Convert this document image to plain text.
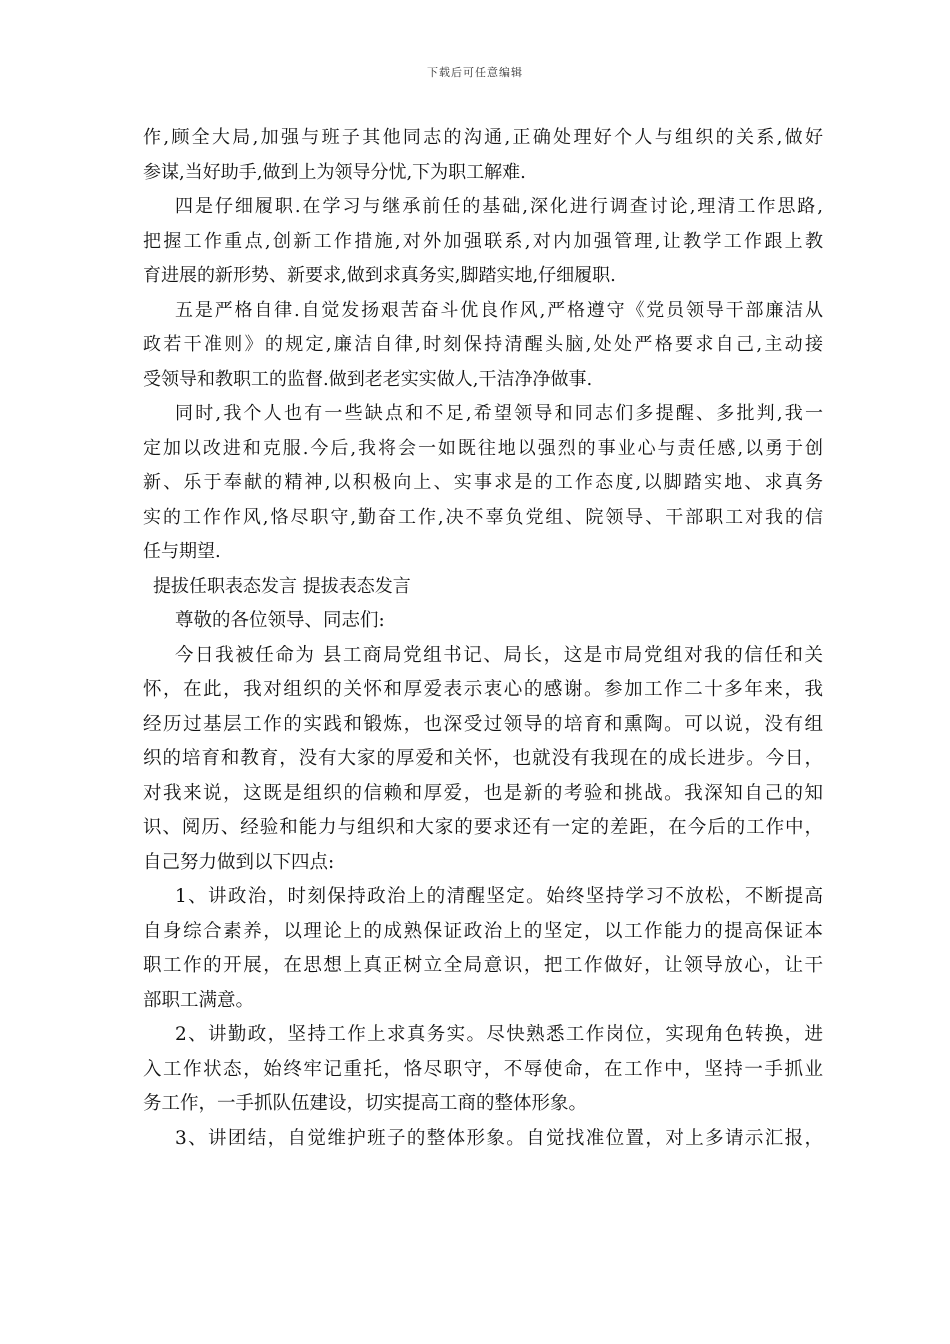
下载后可任意编辑
作,顾全大局,加强与班子其他同志的沟通,正确处理好个人与组织的关系,做好
参谋,当好助手,做到上为领导分忧,下为职工解难.
四是仔细履职.在学习与继承前任的基础,深化进行调查讨论,理清工作思路,
把握工作重点,创新工作措施,对外加强联系,对内加强管理,让教学工作跟上教
育进展的新形势、新要求,做到求真务实,脚踏实地,仔细履职.
五是严格自律.自觉发扬艰苦奋斗优良作风,严格遵守《党员领导干部廉洁从
政若干准则》的规定,廉洁自律,时刻保持清醒头脑,处处严格要求自己,主动接
受领导和教职工的监督.做到老老实实做人,干洁净净做事.
同时,我个人也有一些缺点和不足,希望领导和同志们多提醒、多批判,我一
定加以改进和克服.今后,我将会一如既往地以强烈的事业心与责任感,以勇于创
新、乐于奉献的精神,以积极向上、实事求是的工作态度,以脚踏实地、求真务
实的工作作风,恪尽职守,勤奋工作,决不辜负党组、院领导、干部职工对我的信
任与期望.
提拔任职表态发言 提拔表态发言
尊敬的各位领导、同志们:
今日我被任命为 县工商局党组书记、局长，这是市局党组对我的信任和关
怀，在此，我对组织的关怀和厚爱表示衷心的感谢。参加工作二十多年来，我
经历过基层工作的实践和锻炼，也深受过领导的培育和熏陶。可以说，没有组
织的培育和教育，没有大家的厚爱和关怀，也就没有我现在的成长进步。今日，
对我来说，这既是组织的信赖和厚爱，也是新的考验和挑战。我深知自己的知
识、阅历、经验和能力与组织和大家的要求还有一定的差距，在今后的工作中，
自己努力做到以下四点:
1、讲政治，时刻保持政治上的清醒坚定。始终坚持学习不放松，不断提高
自身综合素养，以理论上的成熟保证政治上的坚定，以工作能力的提高保证本
职工作的开展，在思想上真正树立全局意识，把工作做好，让领导放心，让干
部职工满意。
2、讲勤政，坚持工作上求真务实。尽快熟悉工作岗位，实现角色转换，进
入工作状态，始终牢记重托，恪尽职守，不辱使命，在工作中，坚持一手抓业
务工作，一手抓队伍建设，切实提高工商的整体形象。
3、讲团结，自觉维护班子的整体形象。自觉找准位置，对上多请示汇报，
